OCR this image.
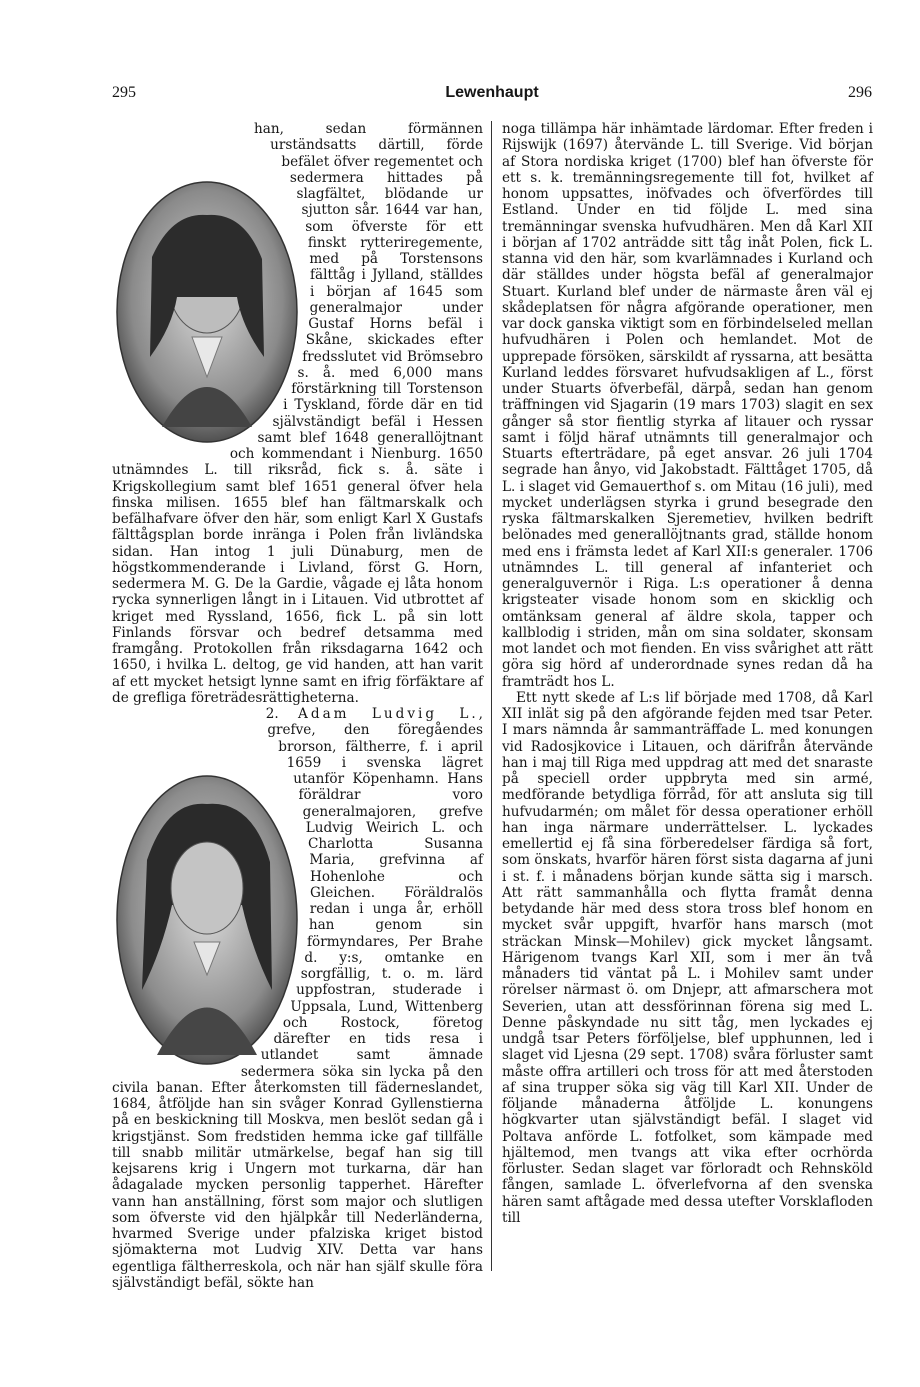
295	Lewenhaupt	296

han, sedan förmännen urständsatts därtill, förde befälet öfver regementet och sedermera hittades på slagfältet, blödande ur sjutton sår. 1644 var han, som öfverste för ett finskt rytteriregemente, med på Torstensons fälttåg i Jylland, ställdes i början af 1645 som generalmajor under Gustaf Horns befäl i Skåne, skickades efter fredsslutet vid Brömsebro s. å. med 6,000 mans förstärkning till Torstenson i Tyskland, förde där en tid självständigt befäl i Hessen samt blef 1648 generallöjtnant och kommendant i Nienburg. 1650 utnämndes L. till riksråd, fick s. å. säte i Krigskollegium samt blef 1651 general öfver hela finska milisen. 1655 blef han fältmarskalk och befälhafvare öfver den här, som enligt Karl X Gustafs fälttågsplan borde inränga i Polen från livländska sidan. Han intog 1 juli Dünaburg, men de högstkommenderande i Livland, först G. Horn, sedermera M. G. De la Gardie, vågade ej låta honom rycka synnerligen långt in i Litauen. Vid utbrottet af kriget med Ryssland, 1656, fick L. på sin lott Finlands försvar och bedref detsamma med framgång. Protokollen från riksdagarna 1642 och 1650, i hvilka L. deltog, ge vid handen, att han varit af ett mycket hetsigt lynne samt en ifrig förfäktare af de grefliga företrädesrättigheterna.

2. Adam Ludvig L., grefve, den föregåendes brorson, fältherre, f. i april 1659 i svenska lägret utanför Köpenhamn. Hans föräldrar voro generalmajoren, grefve Ludvig Weirich L. och Charlotta Susanna Maria, grefvinna af Hohenlohe och Gleichen. Föräldralös redan i unga år, erhöll han genom sin förmyndares, Per Brahe d. y:s, omtanke en sorgfällig, t. o. m. lärd uppfostran, studerade i Uppsala, Lund, Wittenberg och Rostock, företog därefter en tids resa i utlandet samt ämnade sedermera söka sin lycka på den civila banan. Efter återkomsten till fäderneslandet, 1684, åtföljde han sin svåger Konrad Gyllenstierna på en beskickning till Moskva, men beslöt sedan gå i krigstjänst. Som fredstiden hemma icke gaf tillfälle till snabb militär utmärkelse, begaf han sig till kejsarens krig i Ungern mot turkarna, där han ådagalade mycken personlig tapperhet. Härefter vann han anställning, först som major och slutligen som öfverste vid den hjälpkår till Nederländerna, hvarmed Sverige under pfalziska kriget bistod sjömakterna mot Ludvig XIV. Detta var hans egentliga fältherreskola, och när han själf skulle föra självständigt befäl, sökte han

noga tillämpa här inhämtade lärdomar. Efter freden i Rijswijk (1697) återvände L. till Sverige. Vid början af Stora nordiska kriget (1700) blef han öfverste för ett s. k. tremänningsregemente till fot, hvilket af honom uppsattes, inöfvades och öfverfördes till Estland. Under en tid följde L. med sina tremänningar svenska hufvudhären. Men då Karl XII i början af 1702 anträdde sitt tåg inåt Polen, fick L. stanna vid den här, som kvarlämnades i Kurland och där ställdes under högsta befäl af generalmajor Stuart. Kurland blef under de närmaste åren väl ej skådeplatsen för några afgörande operationer, men var dock ganska viktigt som en förbindelseled mellan hufvudhären i Polen och hemlandet. Mot de upprepade försöken, särskildt af ryssarna, att besätta Kurland leddes försvaret hufvudsakligen af L., först under Stuarts öfverbefäl, därpå, sedan han genom träffningen vid Sjagarin (19 mars 1703) slagit en sex gånger så stor fientlig styrka af litauer och ryssar samt i följd häraf utnämnts till generalmajor och Stuarts efterträdare, på eget ansvar. 26 juli 1704 segrade han ånyo, vid Jakobstadt. Fälttåget 1705, då L. i slaget vid Gemauerthof s. om Mitau (16 juli), med mycket underlägsen styrka i grund besegrade den ryska fältmarskalken Sjeremetiev, hvilken bedrift belönades med generallöjtnants grad, ställde honom med ens i främsta ledet af Karl XII:s generaler. 1706 utnämndes L. till general af infanteriet och generalguvernör i Riga. L:s operationer å denna krigsteater visade honom som en skicklig och omtänksam general af äldre skola, tapper och kallblodig i striden, mån om sina soldater, skonsam mot landet och mot fienden. En viss svårighet att rätt göra sig hörd af underordnade synes redan då ha framträdt hos L.

Ett nytt skede af L:s lif började med 1708, då Karl XII inlät sig på den afgörande fejden med tsar Peter. I mars nämnda år sammanträffade L. med konungen vid Radosjkovice i Litauen, och därifrån återvände han i maj till Riga med uppdrag att med det snaraste på speciell order uppbryta med sin armé, medförande betydliga förråd, för att ansluta sig till hufvudarmén; om målet för dessa operationer erhöll han inga närmare underrättelser. L. lyckades emellertid ej få sina förberedelser färdiga så fort, som önskats, hvarför hären först sista dagarna af juni i st. f. i månadens början kunde sätta sig i marsch. Att rätt sammanhålla och flytta framåt denna betydande här med dess stora tross blef honom en mycket svår uppgift, hvarför hans marsch (mot sträckan Minsk—Mohilev) gick mycket långsamt. Härigenom tvangs Karl XII, som i mer än två månaders tid väntat på L. i Mohilev samt under rörelser närmast ö. om Dnjepr, att afmarschera mot Severien, utan att dessförinnan förena sig med L. Denne påskyndade nu sitt tåg, men lyckades ej undgå tsar Peters förföljelse, blef upphunnen, led i slaget vid Ljesna (29 sept. 1708) svåra förluster samt måste offra artilleri och tross för att med återstoden af sina trupper söka sig väg till Karl XII. Under de följande månaderna åtföljde L. konungens högkvarter utan självständigt befäl. I slaget vid Poltava anförde L. fotfolket, som kämpade med hjältemod, men tvangs att vika efter ocrhörda förluster. Sedan slaget var förloradt och Rehnsköld fången, samlade L. öfverlefvorna af den svenska hären samt aftågade med dessa utefter Vorsklafloden till
